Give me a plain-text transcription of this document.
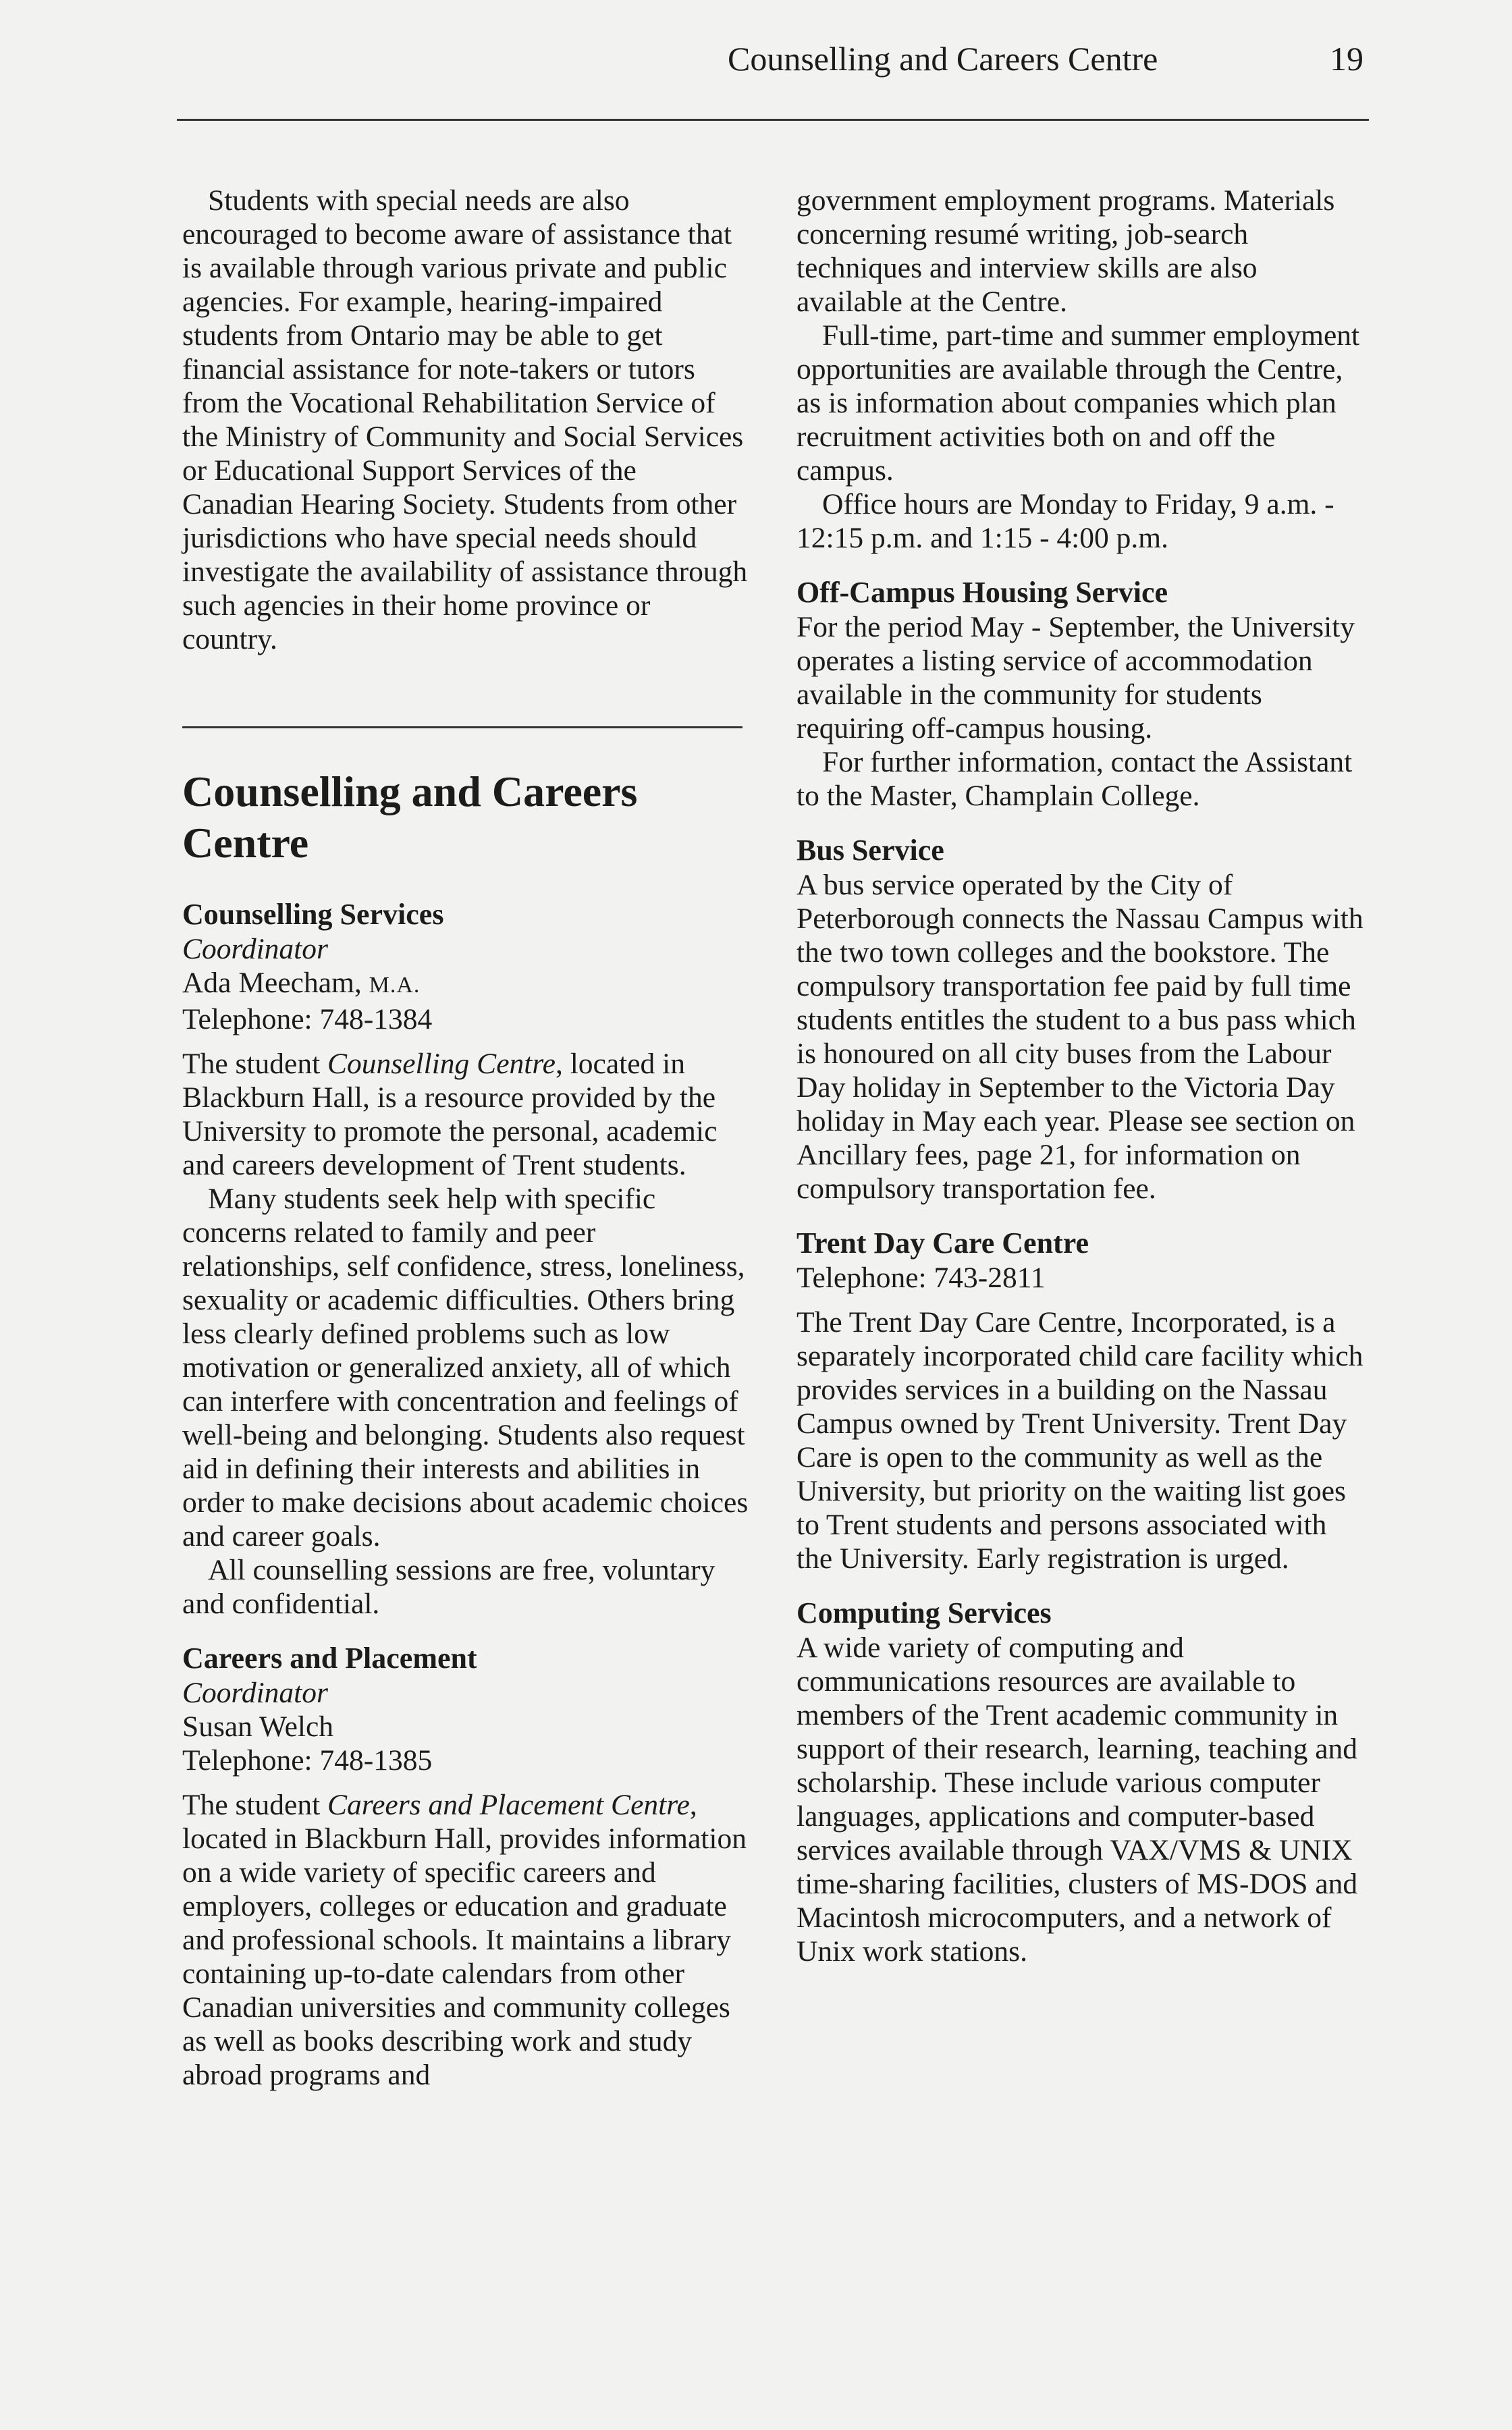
Counselling and Careers Centre	19

Students with special needs are also encouraged to become aware of assistance that is available through various private and public agencies. For example, hearing-impaired students from Ontario may be able to get financial assistance for note-takers or tutors from the Vocational Rehabilitation Service of the Ministry of Community and Social Services or Educational Support Services of the Canadian Hearing Society. Students from other jurisdictions who have special needs should investigate the availability of assistance through such agencies in their home province or country.

Counselling and Careers
Centre
Counselling Services
Coordinator
Ada Meecham, M.A.
Telephone: 748-1384

The student Counselling Centre, located in Blackburn Hall, is a resource provided by the University to promote the personal, academic and careers development of Trent students.

Many students seek help with specific concerns related to family and peer relationships, self confidence, stress, loneliness, sexuality or academic difficulties. Others bring less clearly defined problems such as low motivation or generalized anxiety, all of which can interfere with concentration and feelings of well-being and belonging. Students also request aid in defining their interests and abilities in order to make decisions about academic choices and career goals.

All counselling sessions are free, voluntary and confidential.

Careers and Placement
Coordinator
Susan Welch
Telephone: 748-1385

The student Careers and Placement Centre, located in Blackburn Hall, provides information on a wide variety of specific careers and employers, colleges or education and graduate and professional schools. It maintains a library containing up-to-date calendars from other Canadian universities and community colleges as well as books describing work and study abroad programs and

government employment programs. Materials concerning resumé writing, job-search techniques and interview skills are also available at the Centre.

Full-time, part-time and summer employment opportunities are available through the Centre, as is information about companies which plan recruitment activities both on and off the campus.

Office hours are Monday to Friday, 9 a.m. - 12:15 p.m. and 1:15 - 4:00 p.m.

Off-Campus Housing Service

For the period May - September, the University operates a listing service of accommodation available in the community for students requiring off-campus housing.

For further information, contact the Assistant to the Master, Champlain College.

Bus Service

A bus service operated by the City of Peterborough connects the Nassau Campus with the two town colleges and the bookstore. The compulsory transportation fee paid by full time students entitles the student to a bus pass which is honoured on all city buses from the Labour Day holiday in September to the Victoria Day holiday in May each year. Please see section on Ancillary fees, page 21, for information on compulsory transportation fee.

Trent Day Care Centre
Telephone: 743-2811

The Trent Day Care Centre, Incorporated, is a separately incorporated child care facility which provides services in a building on the Nassau Campus owned by Trent University. Trent Day Care is open to the community as well as the University, but priority on the waiting list goes to Trent students and persons associated with the University. Early registration is urged.

Computing Services

A wide variety of computing and communications resources are available to members of the Trent academic community in support of their research, learning, teaching and scholarship. These include various computer languages, applications and computer-based services available through VAX/VMS & UNIX time-sharing facilities, clusters of MS-DOS and Macintosh microcomputers, and a network of Unix work stations.
